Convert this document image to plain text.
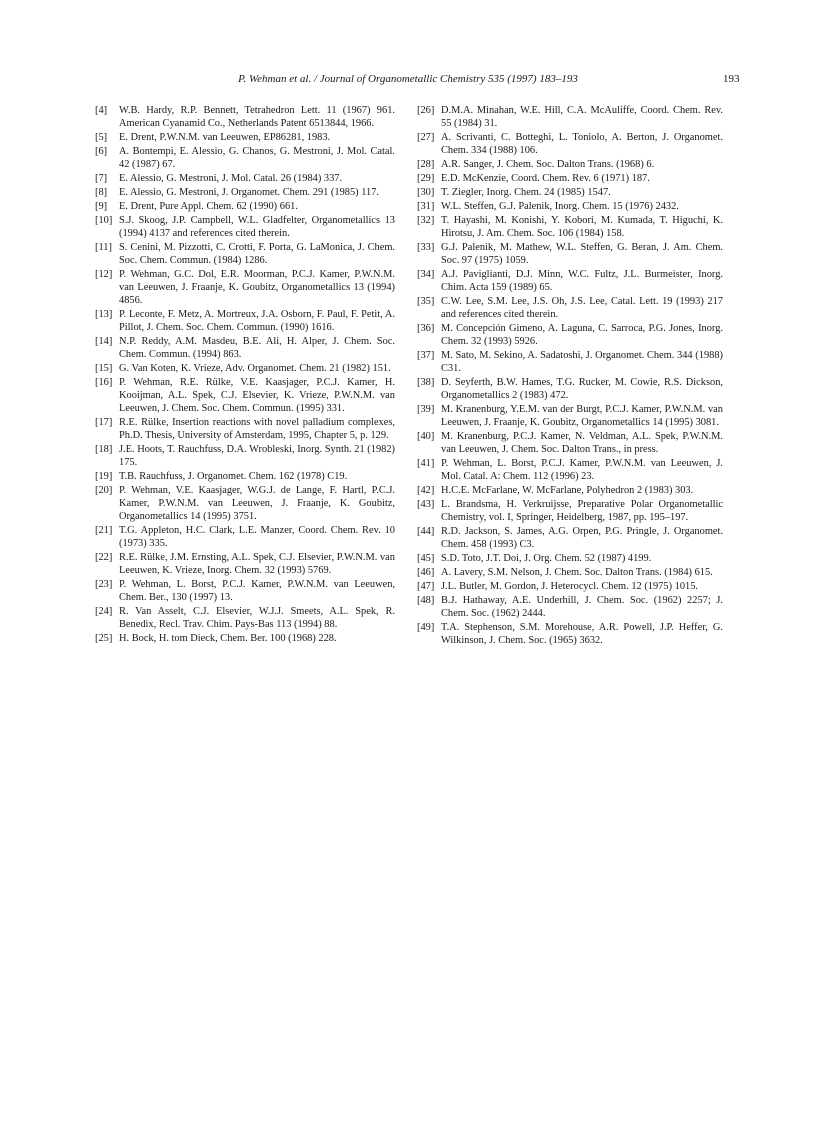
P. Wehman et al. / Journal of Organometallic Chemistry 535 (1997) 183–193	193
[4]	W.B. Hardy, R.P. Bennett, Tetrahedron Lett. 11 (1967) 961. American Cyanamid Co., Netherlands Patent 6513844, 1966.
[5]	E. Drent, P.W.N.M. van Leeuwen, EP86281, 1983.
[6]	A. Bontempi, E. Alessio, G. Chanos, G. Mestroni, J. Mol. Catal. 42 (1987) 67.
[7]	E. Alessio, G. Mestroni, J. Mol. Catal. 26 (1984) 337.
[8]	E. Alessio, G. Mestroni, J. Organomet. Chem. 291 (1985) 117.
[9]	E. Drent, Pure Appl. Chem. 62 (1990) 661.
[10] S.J. Skoog, J.P. Campbell, W.L. Gladfelter, Organometallics 13 (1994) 4137 and references cited therein.
[11] S. Cenini, M. Pizzotti, C. Crotti, F. Porta, G. LaMonica, J. Chem. Soc. Chem. Commun. (1984) 1286.
[12] P. Wehman, G.C. Dol, E.R. Moorman, P.C.J. Kamer, P.W.N.M. van Leeuwen, J. Fraanje, K. Goubitz, Organometallics 13 (1994) 4856.
[13] P. Leconte, F. Metz, A. Mortreux, J.A. Osborn, F. Paul, F. Petit, A. Pillot, J. Chem. Soc. Chem. Commun. (1990) 1616.
[14] N.P. Reddy, A.M. Masdeu, B.E. Ali, H. Alper, J. Chem. Soc. Chem. Commun. (1994) 863.
[15] G. Van Koten, K. Vrieze, Adv. Organomet. Chem. 21 (1982) 151.
[16] P. Wehman, R.E. Rülke, V.E. Kaasjager, P.C.J. Kamer, H. Kooijman, A.L. Spek, C.J. Elsevier, K. Vrieze, P.W.N.M. van Leeuwen, J. Chem. Soc. Chem. Commun. (1995) 331.
[17] R.E. Rülke, Insertion reactions with novel palladium complexes, Ph.D. Thesis, University of Amsterdam, 1995, Chapter 5, p. 129.
[18] J.E. Hoots, T. Rauchfuss, D.A. Wrobleski, Inorg. Synth. 21 (1982) 175.
[19] T.B. Rauchfuss, J. Organomet. Chem. 162 (1978) C19.
[20] P. Wehman, V.E. Kaasjager, W.G.J. de Lange, F. Hartl, P.C.J. Kamer, P.W.N.M. van Leeuwen, J. Fraanje, K. Goubitz, Organometallics 14 (1995) 3751.
[21] T.G. Appleton, H.C. Clark, L.E. Manzer, Coord. Chem. Rev. 10 (1973) 335.
[22] R.E. Rülke, J.M. Ernsting, A.L. Spek, C.J. Elsevier, P.W.N.M. van Leeuwen, K. Vrieze, Inorg. Chem. 32 (1993) 5769.
[23] P. Wehman, L. Borst, P.C.J. Kamer, P.W.N.M. van Leeuwen, Chem. Ber., 130 (1997) 13.
[24] R. Van Asselt, C.J. Elsevier, W.J.J. Smeets, A.L. Spek, R. Benedix, Recl. Trav. Chim. Pays-Bas 113 (1994) 88.
[25] H. Bock, H. tom Dieck, Chem. Ber. 100 (1968) 228.
[26] D.M.A. Minahan, W.E. Hill, C.A. McAuliffe, Coord. Chem. Rev. 55 (1984) 31.
[27] A. Scrivanti, C. Botteghi, L. Toniolo, A. Berton, J. Organomet. Chem. 334 (1988) 106.
[28] A.R. Sanger, J. Chem. Soc. Dalton Trans. (1968) 6.
[29] E.D. McKenzie, Coord. Chem. Rev. 6 (1971) 187.
[30] T. Ziegler, Inorg. Chem. 24 (1985) 1547.
[31] W.L. Steffen, G.J. Palenik, Inorg. Chem. 15 (1976) 2432.
[32] T. Hayashi, M. Konishi, Y. Kobori, M. Kumada, T. Higuchi, K. Hirotsu, J. Am. Chem. Soc. 106 (1984) 158.
[33] G.J. Palenik, M. Mathew, W.L. Steffen, G. Beran, J. Am. Chem. Soc. 97 (1975) 1059.
[34] A.J. Paviglianti, D.J. Minn, W.C. Fultz, J.L. Burmeister, Inorg. Chim. Acta 159 (1989) 65.
[35] C.W. Lee, S.M. Lee, J.S. Oh, J.S. Lee, Catal. Lett. 19 (1993) 217 and references cited therein.
[36] M. Concepción Gimeno, A. Laguna, C. Sarroca, P.G. Jones, Inorg. Chem. 32 (1993) 5926.
[37] M. Sato, M. Sekino, A. Sadatoshi, J. Organomet. Chem. 344 (1988) C31.
[38] D. Seyferth, B.W. Hames, T.G. Rucker, M. Cowie, R.S. Dickson, Organometallics 2 (1983) 472.
[39] M. Kranenburg, Y.E.M. van der Burgt, P.C.J. Kamer, P.W.N.M. van Leeuwen, J. Fraanje, K. Goubitz, Organometallics 14 (1995) 3081.
[40] M. Kranenburg, P.C.J. Kamer, N. Veldman, A.L. Spek, P.W.N.M. van Leeuwen, J. Chem. Soc. Dalton Trans., in press.
[41] P. Wehman, L. Borst, P.C.J. Kamer, P.W.N.M. van Leeuwen, J. Mol. Catal. A: Chem. 112 (1996) 23.
[42] H.C.E. McFarlane, W. McFarlane, Polyhedron 2 (1983) 303.
[43] L. Brandsma, H. Verkruijsse, Preparative Polar Organometallic Chemistry, vol. I, Springer, Heidelberg, 1987, pp. 195–197.
[44] R.D. Jackson, S. James, A.G. Orpen, P.G. Pringle, J. Organomet. Chem. 458 (1993) C3.
[45] S.D. Toto, J.T. Doi, J. Org. Chem. 52 (1987) 4199.
[46] A. Lavery, S.M. Nelson, J. Chem. Soc. Dalton Trans. (1984) 615.
[47] J.L. Butler, M. Gordon, J. Heterocycl. Chem. 12 (1975) 1015.
[48] B.J. Hathaway, A.E. Underhill, J. Chem. Soc. (1962) 2257; J. Chem. Soc. (1962) 2444.
[49] T.A. Stephenson, S.M. Morehouse, A.R. Powell, J.P. Heffer, G. Wilkinson, J. Chem. Soc. (1965) 3632.
